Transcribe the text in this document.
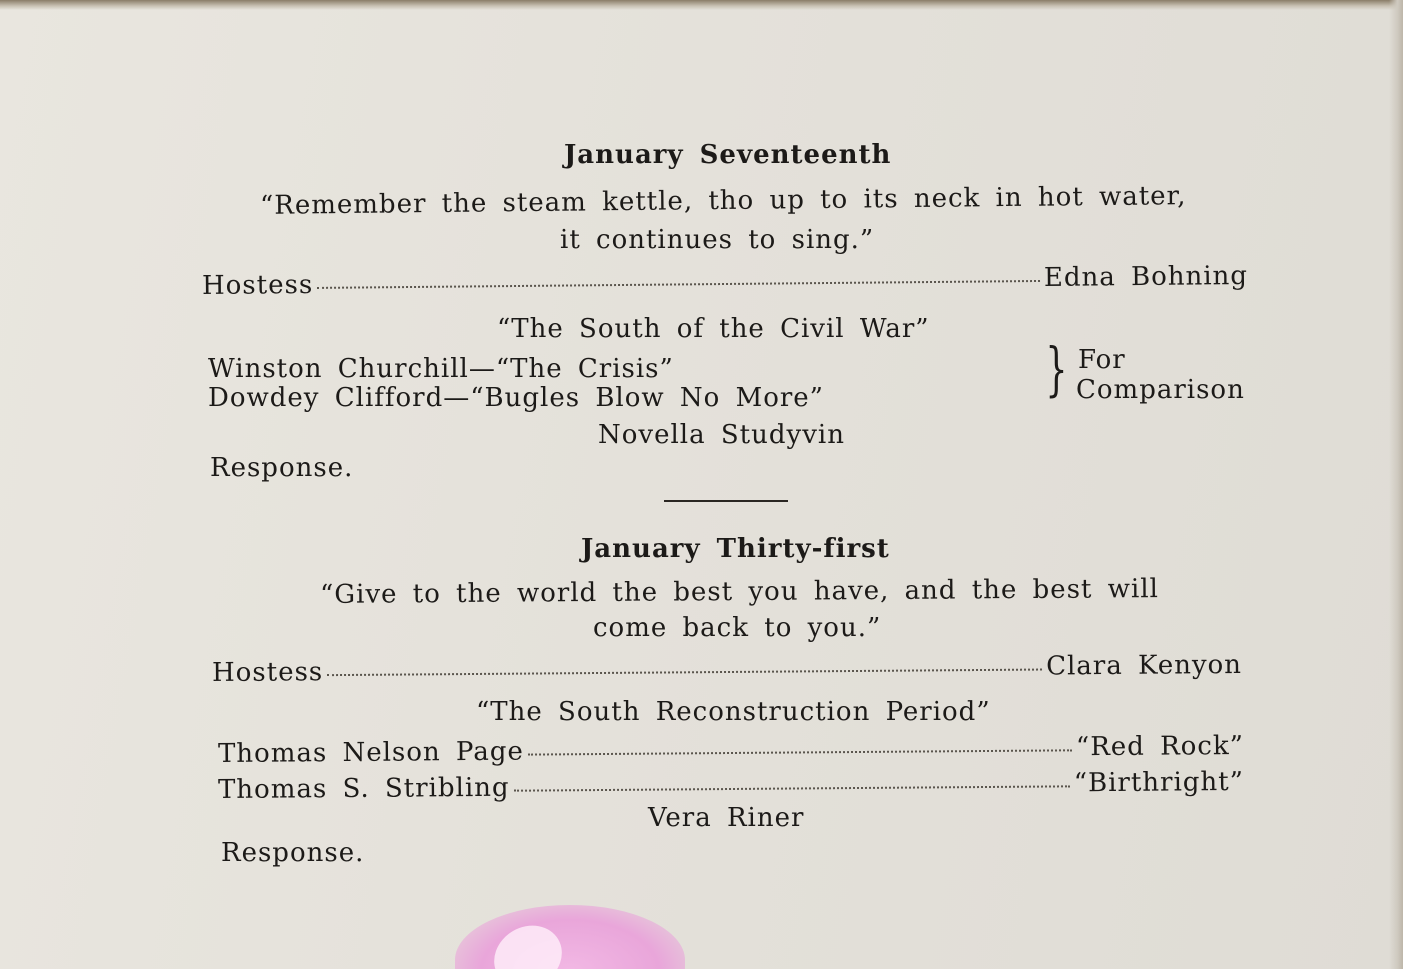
January Seventeenth
“Remember the steam kettle, tho up to its neck in hot water,
it continues to sing.”
Hostess	Edna Bohning
“The South of the Civil War”
Winston Churchill—“The Crisis”
Dowdey Clifford—“Bugles Blow No More”	} For
Comparison
Novella Studyvin
Response.
January Thirty-first
“Give to the world the best you have, and the best will
come back to you.”
Hostess	Clara Kenyon
“The South Reconstruction Period”
Thomas Nelson Page	“Red Rock”
Thomas S. Stribling	“Birthright”
Vera Riner
Response.
